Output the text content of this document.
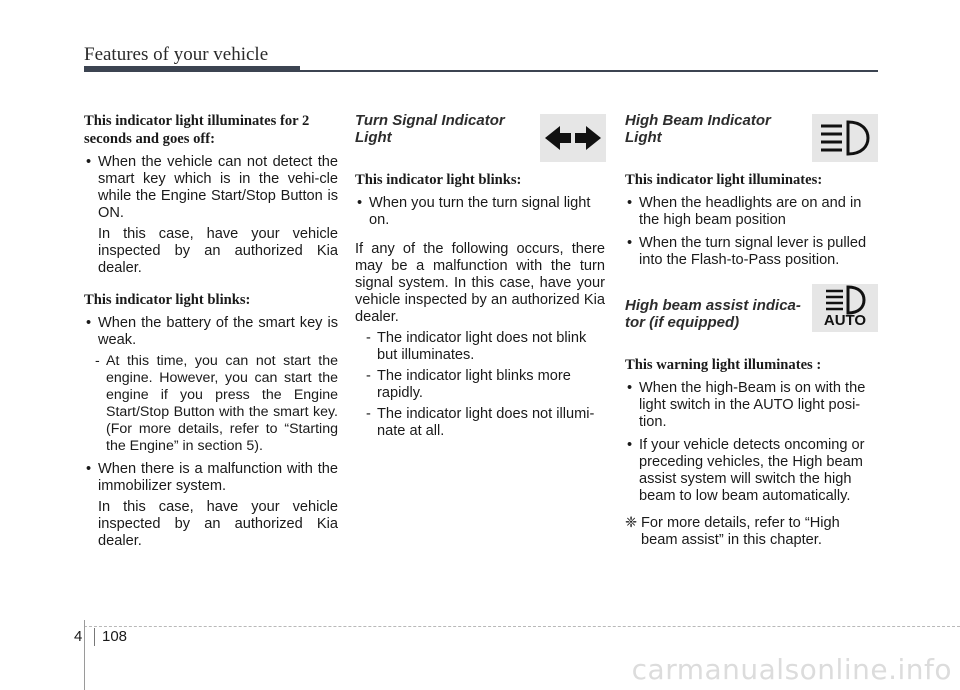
Features of your vehicle

This indicator light illuminates for 2 seconds and goes off:

• When the vehicle can not detect the smart key which is in the vehi-cle while the Engine Start/Stop Button is ON.

In this case, have your vehicle inspected by an authorized Kia dealer.

This indicator light blinks:

• When the battery of the smart key is weak.

- At this time, you can not start the engine. However, you can start the engine if you press the Engine Start/Stop Button with the smart key. (For more details, refer to “Starting the Engine” in section 5).

• When there is a malfunction with the immobilizer system.

In this case, have your vehicle inspected by an authorized Kia dealer.

Turn Signal Indicator
Light

This indicator light blinks:

• When you turn the turn signal light on.

If any of the following occurs, there may be a malfunction with the turn signal system. In this case, have your vehicle inspected by an authorized Kia dealer.

- The indicator light does not blink but illuminates.

- The indicator light blinks more rapidly.

- The indicator light does not illumi-nate at all.

AUTO
High Beam Indicator
Light

This indicator light illuminates:

• When the headlights are on and in the high beam position

• When the turn signal lever is pulled into the Flash-to-Pass position.

High beam assist indica-
tor (if equipped)

This warning light illuminates :

• When the high-Beam is on with the light switch in the AUTO light posi-tion.

• If your vehicle detects oncoming or preceding vehicles, the High beam assist system will switch the high beam to low beam automatically.

❈ For more details, refer to “High beam assist” in this chapter.

4 108
carmanualsonline.info
